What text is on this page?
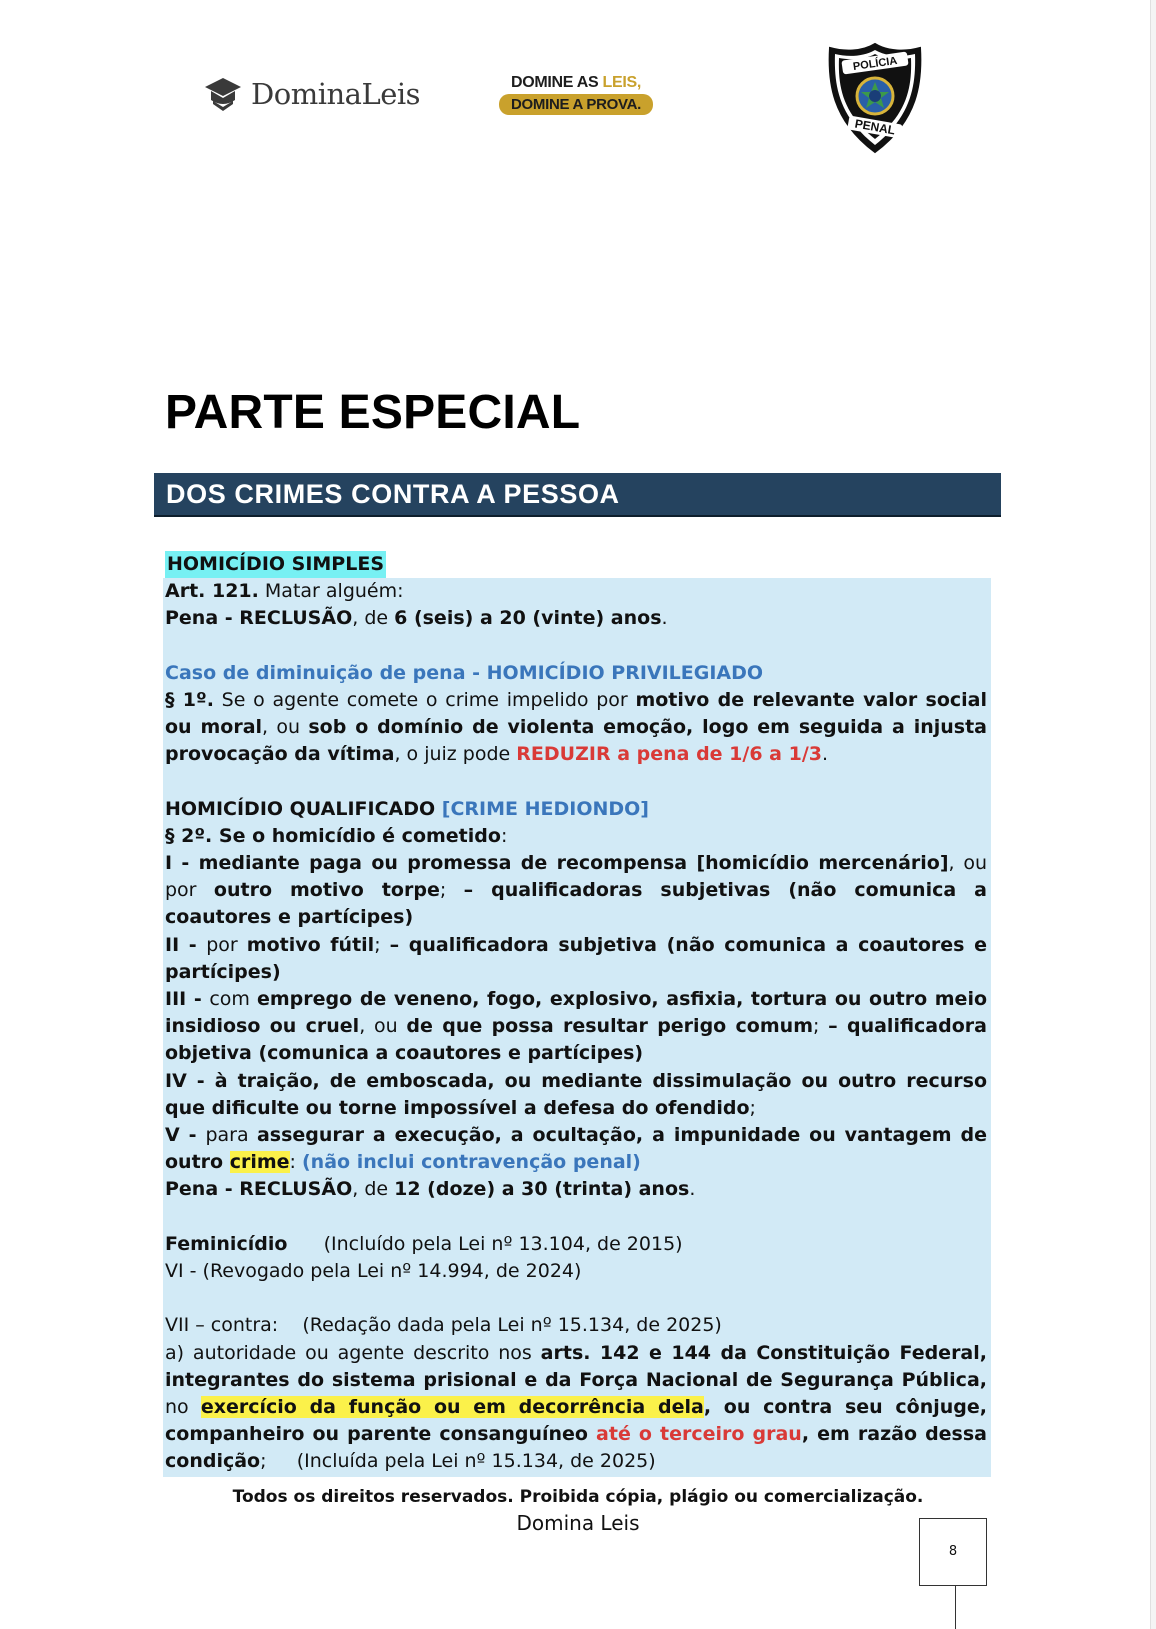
DominaLeis	DOMINE AS LEIS,
DOMINE A PROVA.
POLÍCIA
PENAL
PARTE ESPECIAL
DOS CRIMES CONTRA A PESSOA
HOMICÍDIO SIMPLES

Art. 121. Matar alguém:

Pena - RECLUSÃO, de 6 (seis) a 20 (vinte) anos.

Caso de diminuição de pena - HOMICÍDIO PRIVILEGIADO

§ 1º. Se o agente comete o crime impelido por motivo de relevante valor social ou moral, ou sob o domínio de violenta emoção, logo em seguida a injusta provocação da vítima, o juiz pode REDUZIR a pena de 1/6 a 1/3.

HOMICÍDIO QUALIFICADO [CRIME HEDIONDO]

§ 2º. Se o homicídio é cometido:

I - mediante paga ou promessa de recompensa [homicídio mercenário], ou por outro motivo torpe; – qualificadoras subjetivas (não comunica a coautores e partícipes)

II - por motivo fútil; – qualificadora subjetiva (não comunica a coautores e partícipes)

III - com emprego de veneno, fogo, explosivo, asfixia, tortura ou outro meio insidioso ou cruel, ou de que possa resultar perigo comum; – qualificadora objetiva (comunica a coautores e partícipes)

IV - à traição, de emboscada, ou mediante dissimulação ou outro recurso que dificulte ou torne impossível a defesa do ofendido;

V - para assegurar a execução, a ocultação, a impunidade ou vantagem de outro crime: (não inclui contravenção penal)

Pena - RECLUSÃO, de 12 (doze) a 30 (trinta) anos.

Feminicídio      (Incluído pela Lei nº 13.104, de 2015)

VI - (Revogado pela Lei nº 14.994, de 2024)

VII – contra:    (Redação dada pela Lei nº 15.134, de 2025)

a) autoridade ou agente descrito nos arts. 142 e 144 da Constituição Federal, integrantes do sistema prisional e da Força Nacional de Segurança Pública, no exercício da função ou em decorrência dela, ou contra seu cônjuge, companheiro ou parente consanguíneo até o terceiro grau, em razão dessa condição;     (Incluída pela Lei nº 15.134, de 2025)

Todos os direitos reservados. Proibida cópia, plágio ou comercialização.
Domina Leis
8
